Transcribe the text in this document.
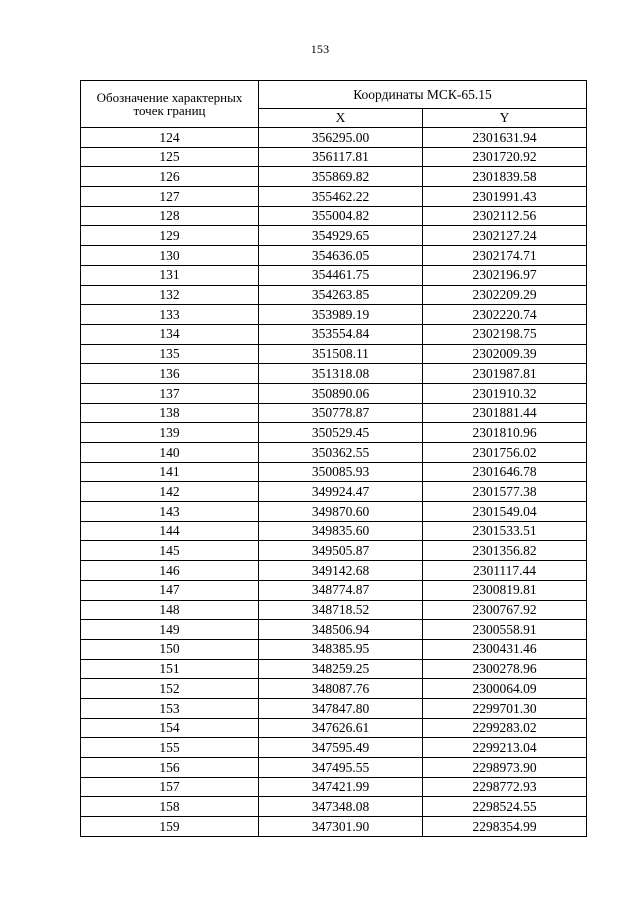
153
Обозначение характерных
точек границ	Координаты МСК-65.15	
	X	Y
124	356295.00	2301631.94
125	356117.81	2301720.92
126	355869.82	2301839.58
127	355462.22	2301991.43
128	355004.82	2302112.56
129	354929.65	2302127.24
130	354636.05	2302174.71
131	354461.75	2302196.97
132	354263.85	2302209.29
133	353989.19	2302220.74
134	353554.84	2302198.75
135	351508.11	2302009.39
136	351318.08	2301987.81
137	350890.06	2301910.32
138	350778.87	2301881.44
139	350529.45	2301810.96
140	350362.55	2301756.02
141	350085.93	2301646.78
142	349924.47	2301577.38
143	349870.60	2301549.04
144	349835.60	2301533.51
145	349505.87	2301356.82
146	349142.68	2301117.44
147	348774.87	2300819.81
148	348718.52	2300767.92
149	348506.94	2300558.91
150	348385.95	2300431.46
151	348259.25	2300278.96
152	348087.76	2300064.09
153	347847.80	2299701.30
154	347626.61	2299283.02
155	347595.49	2299213.04
156	347495.55	2298973.90
157	347421.99	2298772.93
158	347348.08	2298524.55
159	347301.90	2298354.99
